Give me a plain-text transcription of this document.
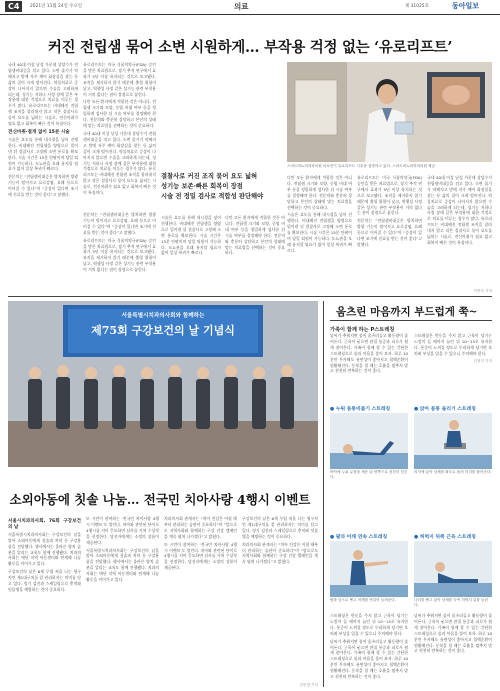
C4	2021년 11월 24일 수요일	의료	제 31025호	동아일보
커진 전립샘 묶어 소변 시원하게… 부작용 걱정 없는 ‘유로리프트’

국내 40대 이상 남성 가운데 상당수가 전립샘비대증을 겪고 있다. 소변 줄기가 약해지고 밤에 자주 깨어 화장실을 찾는 등 삶의 질이 크게 떨어진다. 약물치료로 증상이 나아지지 않으면 수술을 고려하게 되는데, 성기능 저하나 사정 장애 같은 부작용에 대한 걱정으로 치료를 미루는 경우가 많다. 유로리프트는 비대해진 전립샘 조직을 잘라내지 않고 작은 결찰사로 묶어 요도를 넓히는 시술로, 전신마취가 필요 없고 회복이 빠른 것이 특징이다.

전신마취·절개 없이 15분 시술

시술은 요도를 통해 내시경을 넣어 진행한다. 비대해진 전립샘을 양옆으로 밀어낸 뒤 결찰사로 고정해 소변 통로를 확보한다. 시술 시간은 15분 안팎이며 당일 퇴원이 가능하다. 도뇨관을 오래 유지할 필요가 없어 일상 복귀가 빠르다.

전문의는 “전립샘비대증은 방치하면 방광 기능이 떨어지고 요로감염, 요폐 등으로 이어질 수 있다”며 “증상이 있다면 조기에 진료를 받는 것이 좋다”고 말했다.

유로리프트는 미국 식품의약국(FDA) 승인을 받은 치료법으로, 장기 추적 연구에서 효과가 5년 이상 유지되는 것으로 보고됐다. 조직을 제거하지 않기 때문에 출혈 위험이 낮고, 역행성 사정 같은 성기능 관련 부작용이 거의 없다는 점이 장점으로 꼽힌다.

다만 모든 환자에게 적합한 것은 아니다. 전립샘 크기와 모양, 중엽 비대 여부 등을 정밀하게 검사한 뒤 시술 여부를 결정해야 한다. 전문의와 충분히 상담하고 본인의 상태에 맞는 치료법을 선택하는 것이 중요하다.

국내 40대 이상 남성 가운데 상당수가 전립샘비대증을 겪고 있다. 소변 줄기가 약해지고 밤에 자주 깨어 화장실을 찾는 등 삶의 질이 크게 떨어진다. 약물치료로 증상이 나아지지 않으면 수술을 고려하게 되는데, 성기능 저하나 사정 장애 같은 부작용에 대한 걱정으로 치료를 미루는 경우가 많다. 유로리프트는 비대해진 전립샘 조직을 잘라내지 않고 작은 결찰사로 묶어 요도를 넓히는 시술로, 전신마취가 필요 없고 회복이 빠른 것이 특징이다.

결찰사로 커진 조직 묶어 요도 넓혀
성기능 보존·빠른 회복이 장점
시술 전 정밀 검사로 적합성 판단해야
스마트비뇨의학과의원 의료진이 유로리프트 시술을 설명하고 있다. 스마트비뇨의학과의원 제공

다만 모든 환자에게 적합한 것은 아니다. 전립샘 크기와 모양, 중엽 비대 여부 등을 정밀하게 검사한 뒤 시술 여부를 결정해야 한다. 전문의와 충분히 상담하고 본인의 상태에 맞는 치료법을 선택하는 것이 중요하다.

시술은 요도를 통해 내시경을 넣어 진행한다. 비대해진 전립샘을 양옆으로 밀어낸 뒤 결찰사로 고정해 소변 통로를 확보한다. 시술 시간은 15분 안팎이며 당일 퇴원이 가능하다. 도뇨관을 오래 유지할 필요가 없어 일상 복귀가 빠르다.

유로리프트는 미국 식품의약국(FDA) 승인을 받은 치료법으로, 장기 추적 연구에서 효과가 5년 이상 유지되는 것으로 보고됐다. 조직을 제거하지 않기 때문에 출혈 위험이 낮고, 역행성 사정 같은 성기능 관련 부작용이 거의 없다는 점이 장점으로 꼽힌다.

전문의는 “전립샘비대증은 방치하면 방광 기능이 떨어지고 요로감염, 요폐 등으로 이어질 수 있다”며 “증상이 있다면 조기에 진료를 받는 것이 좋다”고 말했다.

국내 40대 이상 남성 가운데 상당수가 전립샘비대증을 겪고 있다. 소변 줄기가 약해지고 밤에 자주 깨어 화장실을 찾는 등 삶의 질이 크게 떨어진다. 약물치료로 증상이 나아지지 않으면 수술을 고려하게 되는데, 성기능 저하나 사정 장애 같은 부작용에 대한 걱정으로 치료를 미루는 경우가 많다. 유로리프트는 비대해진 전립샘 조직을 잘라내지 않고 작은 결찰사로 묶어 요도를 넓히는 시술로, 전신마취가 필요 없고 회복이 빠른 것이 특징이다.

이종숙 기자

전문의는 “전립샘비대증은 방치하면 방광 기능이 떨어지고 요로감염, 요폐 등으로 이어질 수 있다”며 “증상이 있다면 조기에 진료를 받는 것이 좋다”고 말했다.

유로리프트는 미국 식품의약국(FDA) 승인을 받은 치료법으로, 장기 추적 연구에서 효과가 5년 이상 유지되는 것으로 보고됐다. 조직을 제거하지 않기 때문에 출혈 위험이 낮고, 역행성 사정 같은 성기능 관련 부작용이 거의 없다는 점이 장점으로 꼽힌다.

시술은 요도를 통해 내시경을 넣어 진행한다. 비대해진 전립샘을 양옆으로 밀어낸 뒤 결찰사로 고정해 소변 통로를 확보한다. 시술 시간은 15분 안팎이며 당일 퇴원이 가능하다. 도뇨관을 오래 유지할 필요가 없어 일상 복귀가 빠르다.

다만 모든 환자에게 적합한 것은 아니다. 전립샘 크기와 모양, 중엽 비대 여부 등을 정밀하게 검사한 뒤 시술 여부를 결정해야 한다. 전문의와 충분히 상담하고 본인의 상태에 맞는 치료법을 선택하는 것이 중요하다.

서울특별시치과의사회와 함께하는
제75회 구강보건의 날 기념식
소외아동에 칫솔 나눔… 전국민 치아사랑 4행시 이벤트
서울시치과의사회, 76회 구강보건의 날

서울특별시치과의사회는 구강보건의 날을 맞아 소외아동에게 칫솔과 치약 등 구강용품을 전달했다. 행사에서는 올바른 양치 습관을 알리는 교육도 함께 진행됐다. 치과의사회는 매년 지역 아동센터와 연계해 나눔 활동을 이어가고 있다.

구강보건의 날은 6세 무렵 처음 나는 영구치인 제1대구치를 잘 관리하자는 의미를 담고 있다. 정기 검진과 스케일링으로 충치와 잇몸병을 예방하는 것이 중요하다.

또 시민이 참여하는 ‘전국민 치아사랑 4행시 이벤트’도 열린다. 치아와 관련된 단어로 4행시를 지어 응모하면 심사를 거쳐 수상작을 선정한다. 당선자에게는 소정의 상품이 제공된다.

서울특별시치과의사회는 구강보건의 날을 맞아 소외아동에게 칫솔과 치약 등 구강용품을 전달했다. 행사에서는 올바른 양치 습관을 알리는 교육도 함께 진행됐다. 치과의사회는 매년 지역 아동센터와 연계해 나눔 활동을 이어가고 있다.

치과의사회 관계자는 “치아 건강은 어릴 때부터 관리하는 습관이 중요하다”며 “앞으로도 지역사회와 함께하는 구강 건강 캠페인을 계속 펼쳐 나가겠다”고 밝혔다.

또 시민이 참여하는 ‘전국민 치아사랑 4행시 이벤트’도 열린다. 치아와 관련된 단어로 4행시를 지어 응모하면 심사를 거쳐 수상작을 선정한다. 당선자에게는 소정의 상품이 제공된다.

구강보건의 날은 6세 무렵 처음 나는 영구치인 제1대구치를 잘 관리하자는 의미를 담고 있다. 정기 검진과 스케일링으로 충치와 잇몸병을 예방하는 것이 중요하다.

치과의사회 관계자는 “치아 건강은 어릴 때부터 관리하는 습관이 중요하다”며 “앞으로도 지역사회와 함께하는 구강 건강 캠페인을 계속 펼쳐 나가겠다”고 밝혔다.

김민영 기자
움츠린 마음까지 부드럽게 쭉~
가족이 함께 하는 P스트레칭

날씨가 추워지면 몸이 움츠러들고 활동량이 줄어든다. 근육이 굳으면 관절 통증과 피로가 쉽게 찾아온다. 가족이 함께 할 수 있는 간단한 스트레칭으로 몸과 마음을 풀어 보자. 하루 10분만 투자해도 유연성이 좋아지고 혈액순환이 원활해진다. 동작을 할 때는 호흡을 멈추지 말고 천천히 반복하는 것이 좋다.

스트레칭은 반동을 주지 않고 근육이 당기는 느낌이 들 때까지 늘린 뒤 10~15초 유지한다. 통증이 느껴질 정도로 무리하게 당기면 오히려 부상을 입을 수 있으니 주의해야 한다.

김형진 기자
● 누워 몸통비틀기 스트레칭
바닥에 누워 무릎을 세운 뒤 양쪽으로 천천히 넘긴다.
● 앉아 몸통 돌리기 스트레칭
의자에 앉아 상체를 좌우로 돌려 허리를 풀어준다.
● 팔과 어깨 연속 스트레칭
팔을 앞으로 뻗고 어깨를 번갈아 늘려준다.
● 허벅지 뒤쪽 근육 스트레칭
다리를 뻗고 앉아 상체를 숙여 허벅지 뒤를 늘린다.

스트레칭은 반동을 주지 않고 근육이 당기는 느낌이 들 때까지 늘린 뒤 10~15초 유지한다. 통증이 느껴질 정도로 무리하게 당기면 오히려 부상을 입을 수 있으니 주의해야 한다.

날씨가 추워지면 몸이 움츠러들고 활동량이 줄어든다. 근육이 굳으면 관절 통증과 피로가 쉽게 찾아온다. 가족이 함께 할 수 있는 간단한 스트레칭으로 몸과 마음을 풀어 보자. 하루 10분만 투자해도 유연성이 좋아지고 혈액순환이 원활해진다. 동작을 할 때는 호흡을 멈추지 말고 천천히 반복하는 것이 좋다.

날씨가 추워지면 몸이 움츠러들고 활동량이 줄어든다. 근육이 굳으면 관절 통증과 피로가 쉽게 찾아온다. 가족이 함께 할 수 있는 간단한 스트레칭으로 몸과 마음을 풀어 보자. 하루 10분만 투자해도 유연성이 좋아지고 혈액순환이 원활해진다. 동작을 할 때는 호흡을 멈추지 말고 천천히 반복하는 것이 좋다.
